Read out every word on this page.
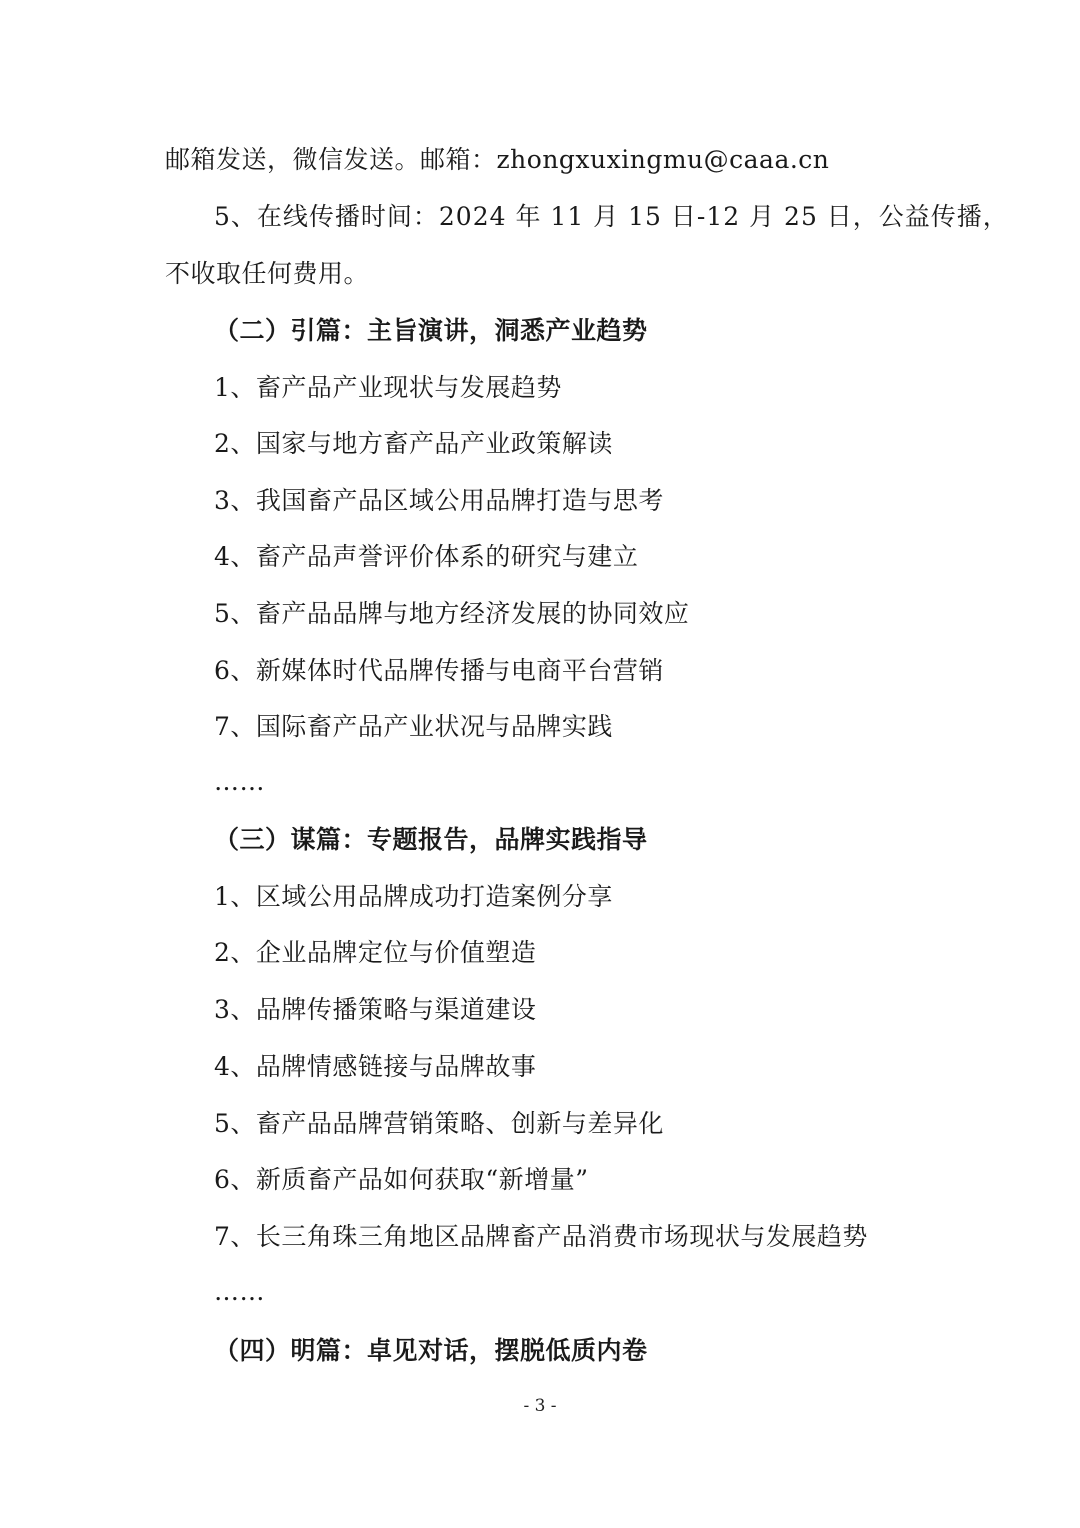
邮箱发送，微信发送。邮箱：zhongxuxingmu@caaa.cn
5、在线传播时间：2024 年 11 月 15 日-12 月 25 日，公益传播，
不收取任何费用。
（二）引篇：主旨演讲，洞悉产业趋势
1、畜产品产业现状与发展趋势
2、国家与地方畜产品产业政策解读
3、我国畜产品区域公用品牌打造与思考
4、畜产品声誉评价体系的研究与建立
5、畜产品品牌与地方经济发展的协同效应
6、新媒体时代品牌传播与电商平台营销
7、国际畜产品产业状况与品牌实践
……
（三）谋篇：专题报告，品牌实践指导
1、区域公用品牌成功打造案例分享
2、企业品牌定位与价值塑造
3、品牌传播策略与渠道建设
4、品牌情感链接与品牌故事
5、畜产品品牌营销策略、创新与差异化
6、新质畜产品如何获取“新增量”
7、长三角珠三角地区品牌畜产品消费市场现状与发展趋势
……
（四）明篇：卓见对话，摆脱低质内卷
- 3 -
